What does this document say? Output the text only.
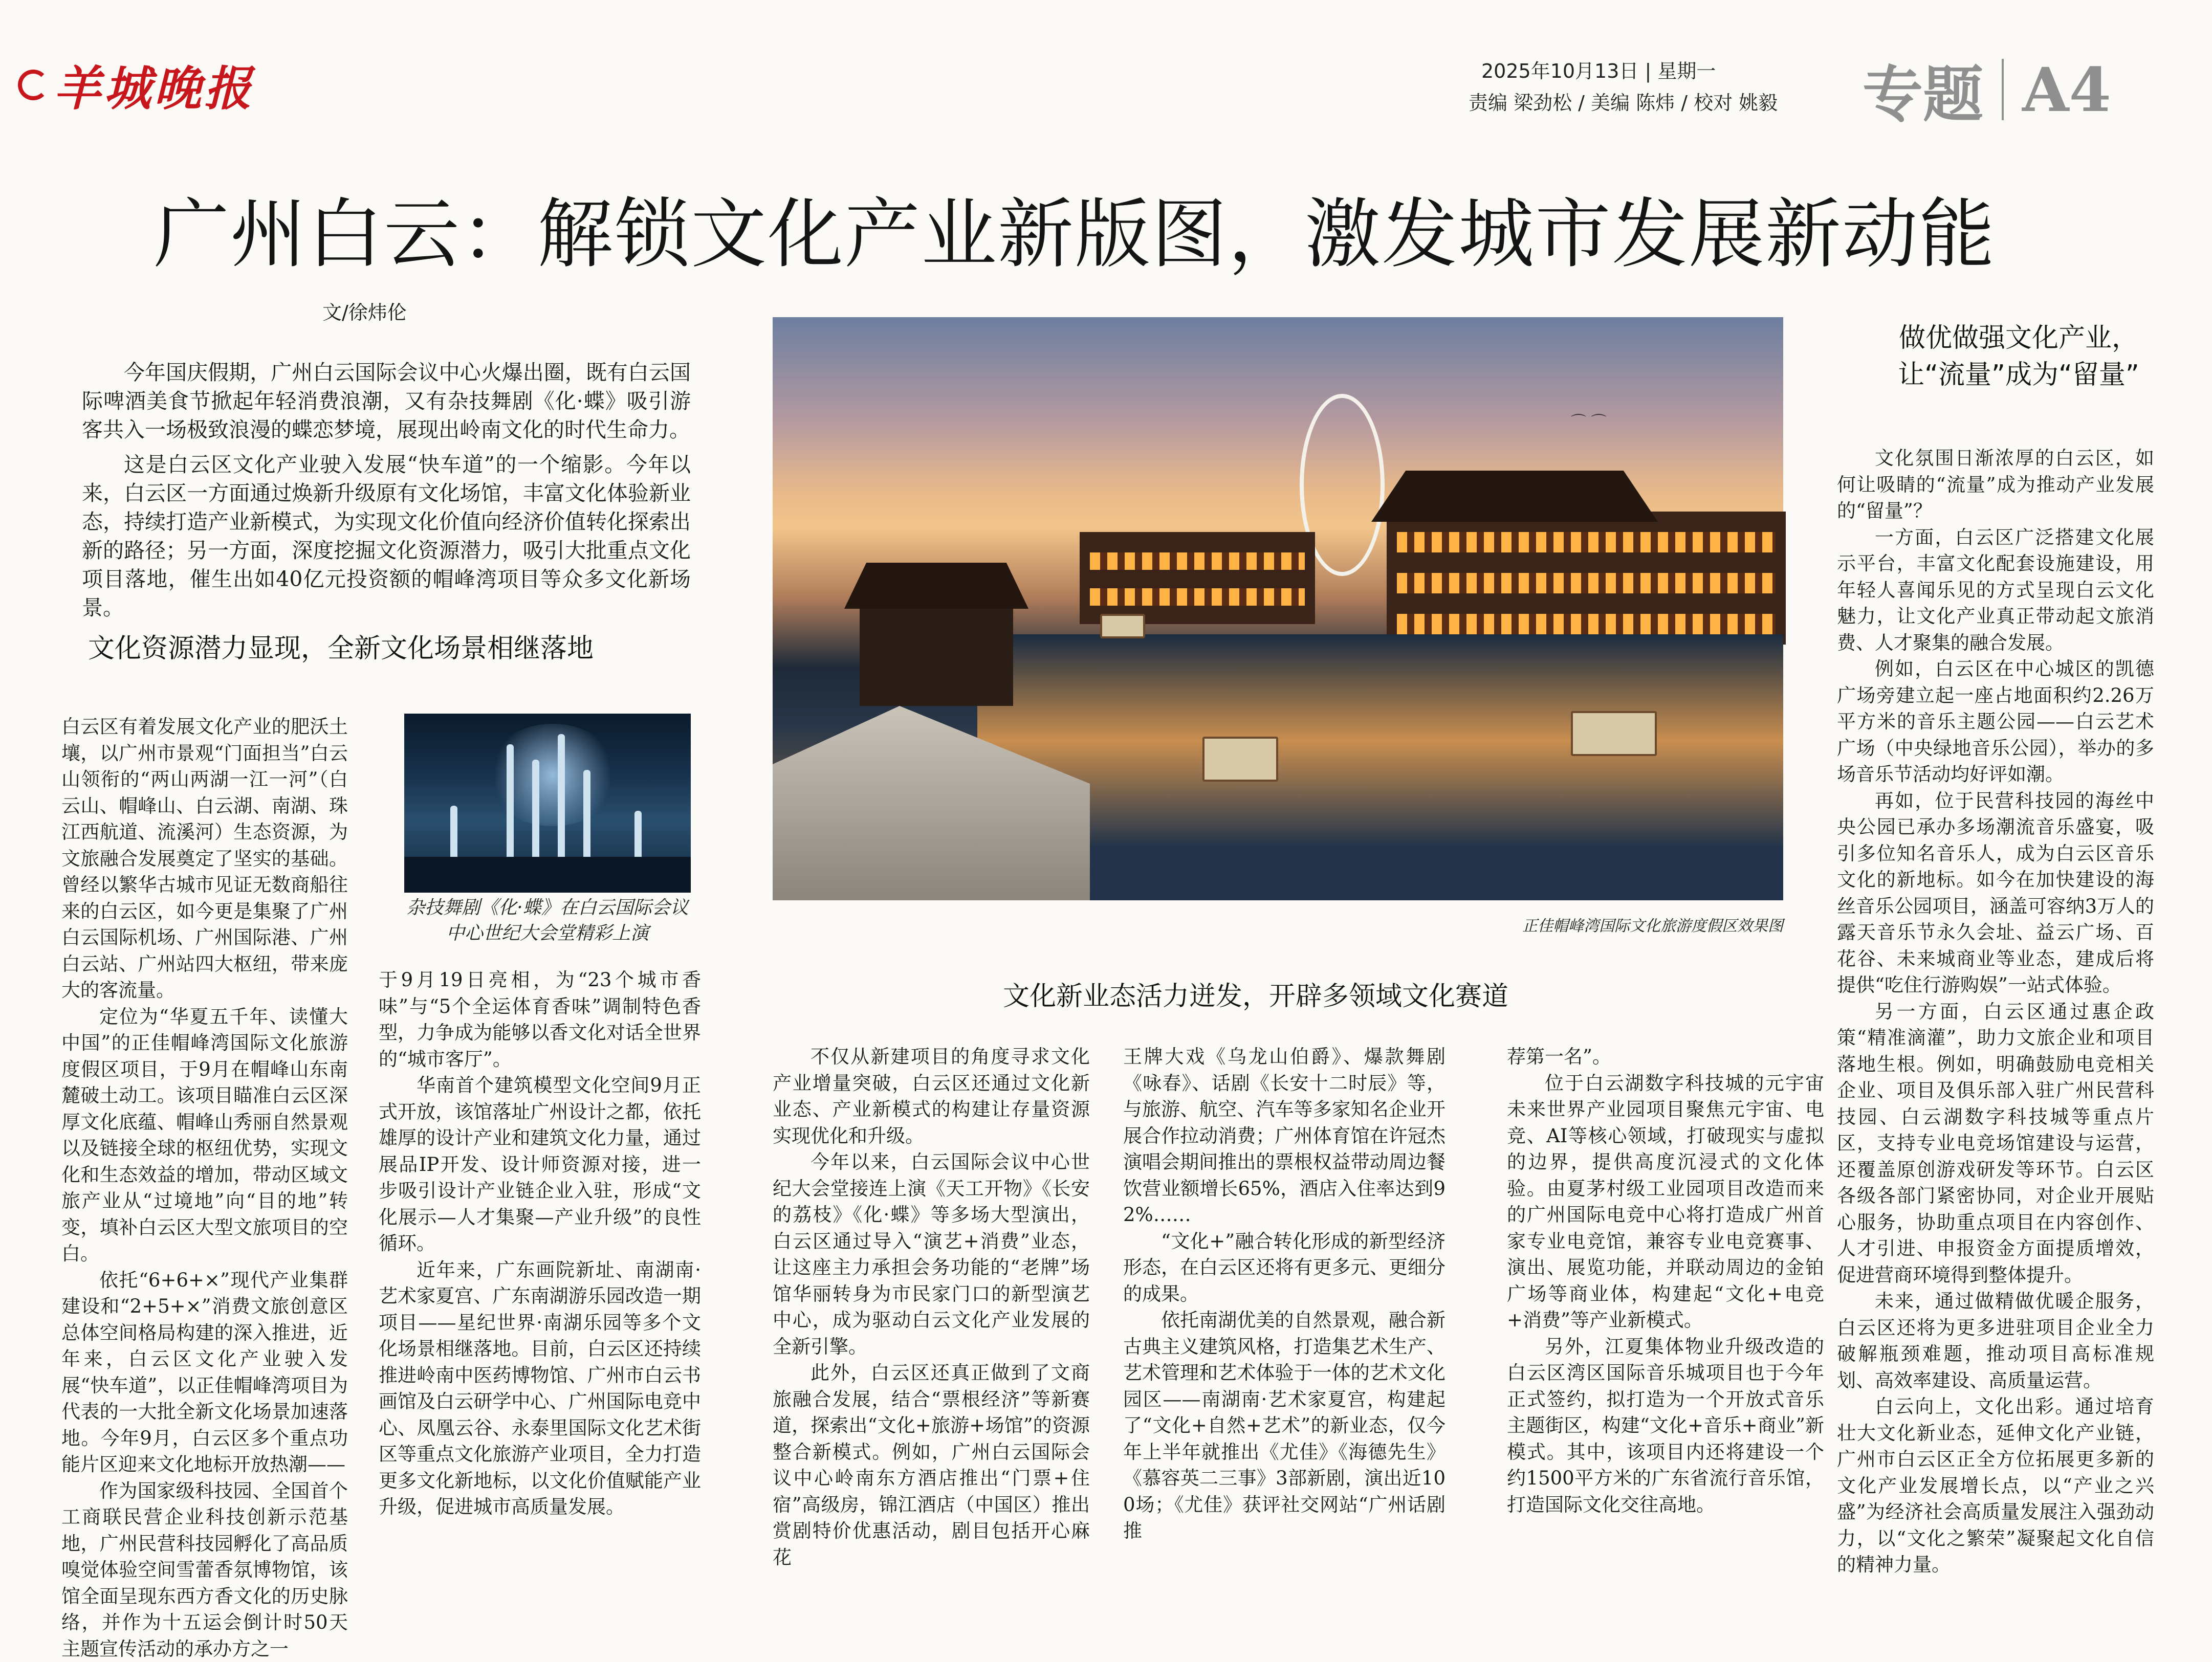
羊城晚报	2025年10月13日 | 星期一
责编 梁劲松 / 美编 陈炜 / 校对 姚毅 专题 A4
广州白云：解锁文化产业新版图，激发城市发展新动能
文/徐炜伦
今年国庆假期，广州白云国际会议中心火爆出圈，既有白云国际啤酒美食节掀起年轻消费浪潮，又有杂技舞剧《化·蝶》吸引游客共入一场极致浪漫的蝶恋梦境，展现出岭南文化的时代生命力。
这是白云区文化产业驶入发展“快车道”的一个缩影。今年以来，白云区一方面通过焕新升级原有文化场馆，丰富文化体验新业态，持续打造产业新模式，为实现文化价值向经济价值转化探索出新的路径；另一方面，深度挖掘文化资源潜力，吸引大批重点文化项目落地，催生出如40亿元投资额的帽峰湾项目等众多文化新场景。
文化资源潜力显现，全新文化场景相继落地
文化新业态活力迸发，开辟多领域文化赛道
做优做强文化产业，
让“流量”成为“留量”
杂技舞剧《化·蝶》在白云国际会议中心世纪大会堂精彩上演
⌒ ⌒
正佳帽峰湾国际文化旅游度假区效果图

白云区有着发展文化产业的肥沃土壤，以广州市景观“门面担当”白云山领衔的“两山两湖一江一河”（白云山、帽峰山、白云湖、南湖、珠江西航道、流溪河）生态资源，为文旅融合发展奠定了坚实的基础。曾经以繁华古城市见证无数商船往来的白云区，如今更是集聚了广州白云国际机场、广州国际港、广州白云站、广州站四大枢纽，带来庞大的客流量。

定位为“华夏五千年、读懂大中国”的正佳帽峰湾国际文化旅游度假区项目，于9月在帽峰山东南麓破土动工。该项目瞄准白云区深厚文化底蕴、帽峰山秀丽自然景观以及链接全球的枢纽优势，实现文化和生态效益的增加，带动区域文旅产业从“过境地”向“目的地”转变，填补白云区大型文旅项目的空白。

依托“6+6+×”现代产业集群建设和“2+5+×”消费文旅创意区总体空间格局构建的深入推进，近年来，白云区文化产业驶入发展“快车道”，以正佳帽峰湾项目为代表的一大批全新文化场景加速落地。今年9月，白云区多个重点功能片区迎来文化地标开放热潮——

作为国家级科技园、全国首个工商联民营企业科技创新示范基地，广州民营科技园孵化了高品质嗅觉体验空间雪蕾香氛博物馆，该馆全面呈现东西方香文化的历史脉络，并作为十五运会倒计时50天主题宣传活动的承办方之一

于9月19日亮相，为“23个城市香味”与“5个全运体育香味”调制特色香型，力争成为能够以香文化对话全世界的“城市客厅”。

华南首个建筑模型文化空间9月正式开放，该馆落址广州设计之都，依托雄厚的设计产业和建筑文化力量，通过展品IP开发、设计师资源对接，进一步吸引设计产业链企业入驻，形成“文化展示—人才集聚—产业升级”的良性循环。

近年来，广东画院新址、南湖南·艺术家夏宫、广东南湖游乐园改造一期项目——星纪世界·南湖乐园等多个文化场景相继落地。目前，白云区还持续推进岭南中医药博物馆、广州市白云书画馆及白云研学中心、广州国际电竞中心、凤凰云谷、永泰里国际文化艺术街区等重点文化旅游产业项目，全力打造更多文化新地标，以文化价值赋能产业升级，促进城市高质量发展。

不仅从新建项目的角度寻求文化产业增量突破，白云区还通过文化新业态、产业新模式的构建让存量资源实现优化和升级。

今年以来，白云国际会议中心世纪大会堂接连上演《天工开物》《长安的荔枝》《化·蝶》等多场大型演出，白云区通过导入“演艺+消费”业态，让这座主力承担会务功能的“老牌”场馆华丽转身为市民家门口的新型演艺中心，成为驱动白云文化产业发展的全新引擎。

此外，白云区还真正做到了文商旅融合发展，结合“票根经济”等新赛道，探索出“文化+旅游+场馆”的资源整合新模式。例如，广州白云国际会议中心岭南东方酒店推出“门票+住宿”高级房，锦江酒店（中国区）推出赏剧特价优惠活动，剧目包括开心麻花

王牌大戏《乌龙山伯爵》、爆款舞剧《咏春》、话剧《长安十二时辰》等，与旅游、航空、汽车等多家知名企业开展合作拉动消费；广州体育馆在许冠杰演唱会期间推出的票根权益带动周边餐饮营业额增长65%，酒店入住率达到92%……

“文化+”融合转化形成的新型经济形态，在白云区还将有更多元、更细分的成果。

依托南湖优美的自然景观，融合新古典主义建筑风格，打造集艺术生产、艺术管理和艺术体验于一体的艺术文化园区——南湖南·艺术家夏宫，构建起了“文化+自然+艺术”的新业态，仅今年上半年就推出《尤佳》《海德先生》《慕容英二三事》3部新剧，演出近100场；《尤佳》获评社交网站“广州话剧推

荐第一名”。

位于白云湖数字科技城的元宇宙未来世界产业园项目聚焦元宇宙、电竞、AI等核心领域，打破现实与虚拟的边界，提供高度沉浸式的文化体验。由夏茅村级工业园项目改造而来的广州国际电竞中心将打造成广州首家专业电竞馆，兼容专业电竞赛事、演出、展览功能，并联动周边的金铂广场等商业体，构建起“文化+电竞+消费”等产业新模式。

另外，江夏集体物业升级改造的白云区湾区国际音乐城项目也于今年正式签约，拟打造为一个开放式音乐主题街区，构建“文化+音乐+商业”新模式。其中，该项目内还将建设一个约1500平方米的广东省流行音乐馆，打造国际文化交往高地。

文化氛围日渐浓厚的白云区，如何让吸睛的“流量”成为推动产业发展的“留量”？

一方面，白云区广泛搭建文化展示平台，丰富文化配套设施建设，用年轻人喜闻乐见的方式呈现白云文化魅力，让文化产业真正带动起文旅消费、人才聚集的融合发展。

例如，白云区在中心城区的凯德广场旁建立起一座占地面积约2.26万平方米的音乐主题公园——白云艺术广场（中央绿地音乐公园），举办的多场音乐节活动均好评如潮。

再如，位于民营科技园的海丝中央公园已承办多场潮流音乐盛宴，吸引多位知名音乐人，成为白云区音乐文化的新地标。如今在加快建设的海丝音乐公园项目，涵盖可容纳3万人的露天音乐节永久会址、益云广场、百花谷、未来城商业等业态，建成后将提供“吃住行游购娱”一站式体验。

另一方面，白云区通过惠企政策“精准滴灌”，助力文旅企业和项目落地生根。例如，明确鼓励电竞相关企业、项目及俱乐部入驻广州民营科技园、白云湖数字科技城等重点片区，支持专业电竞场馆建设与运营，还覆盖原创游戏研发等环节。白云区各级各部门紧密协同，对企业开展贴心服务，协助重点项目在内容创作、人才引进、申报资金方面提质增效，促进营商环境得到整体提升。

未来，通过做精做优暖企服务，白云区还将为更多进驻项目企业全力破解瓶颈难题，推动项目高标准规划、高效率建设、高质量运营。

白云向上，文化出彩。通过培育壮大文化新业态，延伸文化产业链，广州市白云区正全方位拓展更多新的文化产业发展增长点，以“产业之兴盛”为经济社会高质量发展注入强劲动力，以“文化之繁荣”凝聚起文化自信的精神力量。
